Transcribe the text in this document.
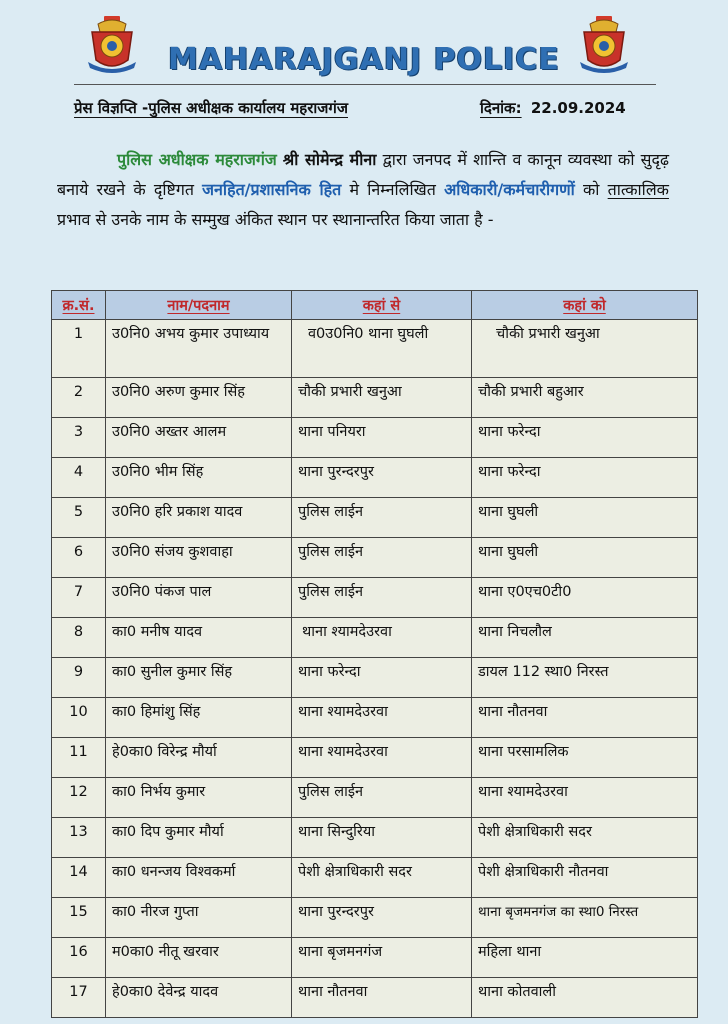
MAHARAJGANJ POLICE
प्रेस विज्ञप्ति -पुलिस अधीक्षक कार्यालय महराजगंज	दिनांक: 22.09.2024
पुलिस अधीक्षक महराजगंज श्री सोमेन्द्र मीना द्वारा जनपद में शान्ति व कानून व्यवस्था को सुदृढ़ बनाये रखने के दृष्टिगत जनहित/प्रशासनिक हित मे निम्नलिखित अधिकारी/कर्मचारीगणों को तात्कालिक प्रभाव से उनके नाम के सम्मुख अंकित स्थान पर स्थानान्तरित किया जाता है -
क्र.सं.	नाम/पदनाम	कहां से	कहां को
1	उ0नि0 अभय कुमार उपाध्याय	व0उ0नि0 थाना घुघली	चौकी प्रभारी खनुआ
2	उ0नि0 अरुण कुमार सिंह	चौकी प्रभारी खनुआ	चौकी प्रभारी बहुआर
3	उ0नि0 अख्तर आलम	थाना पनियरा	थाना फरेन्दा
4	उ0नि0 भीम सिंह	थाना पुरन्दरपुर	थाना फरेन्दा
5	उ0नि0 हरि प्रकाश यादव	पुलिस लाईन	थाना घुघली
6	उ0नि0 संजय कुशवाहा	पुलिस लाईन	थाना घुघली
7	उ0नि0 पंकज पाल	पुलिस लाईन	थाना ए0एच0टी0
8	का0 मनीष यादव	थाना श्यामदेउरवा	थाना निचलौल
9	का0 सुनील कुमार सिंह	थाना फरेन्दा	डायल 112 स्था0 निरस्त
10	का0 हिमांशु सिंह	थाना श्यामदेउरवा	थाना नौतनवा
11	हे0का0 विरेन्द्र मौर्या	थाना श्यामदेउरवा	थाना परसामलिक
12	का0 निर्भय कुमार	पुलिस लाईन	थाना श्यामदेउरवा
13	का0 दिप कुमार मौर्या	थाना सिन्दुरिया	पेशी क्षेत्राधिकारी सदर
14	का0 धनन्जय विश्वकर्मा	पेशी क्षेत्राधिकारी सदर	पेशी क्षेत्राधिकारी नौतनवा
15	का0 नीरज गुप्ता	थाना पुरन्दरपुर	थाना बृजमनगंज का स्था0 निरस्त
16	म0का0 नीतू खरवार	थाना बृजमनगंज	महिला थाना
17	हे0का0 देवेन्द्र यादव	थाना नौतनवा	थाना कोतवाली
